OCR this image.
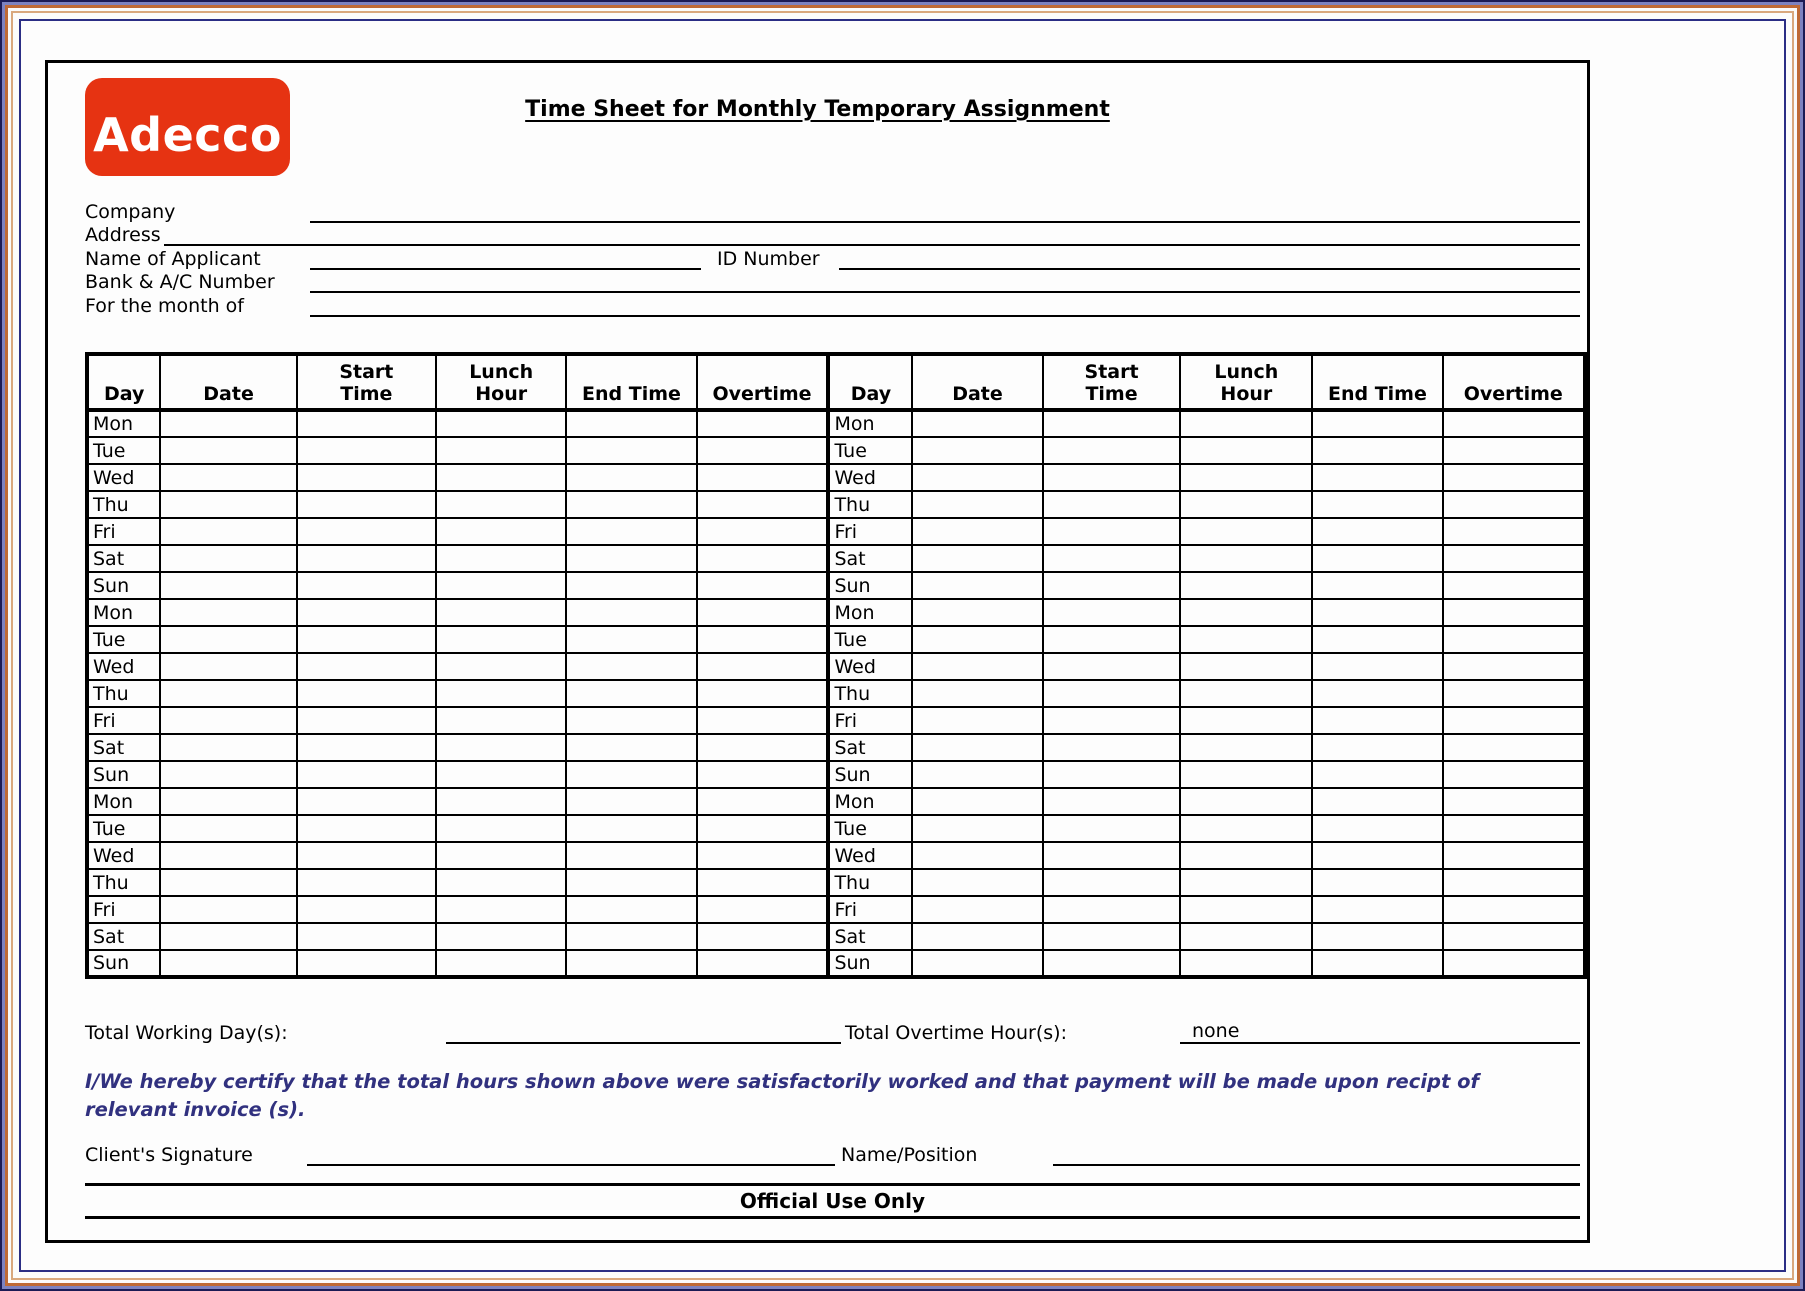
Adecco	Time Sheet for Monthly Temporary Assignment
Company
Address
Name of Applicant	ID Number
Bank & A/C Number
For the month of
Day	Date	Start Time	Lunch Hour	End Time	Overtime	Day	Date	Start Time	Lunch Hour	End Time	Overtime
Mon						Mon					
Tue						Tue					
Wed						Wed					
Thu						Thu					
Fri						Fri					
Sat						Sat					
Sun						Sun					
Mon						Mon					
Tue						Tue					
Wed						Wed					
Thu						Thu					
Fri						Fri					
Sat						Sat					
Sun						Sun					
Mon						Mon					
Tue						Tue					
Wed						Wed					
Thu						Thu					
Fri						Fri					
Sat						Sat					
Sun						Sun					
Total Working Day(s):	Total Overtime Hour(s):	none
I/We hereby certify that the total hours shown above were satisfactorily worked and that payment will be made upon recipt of
relevant invoice (s).
Client's Signature	Name/Position
Official Use Only
